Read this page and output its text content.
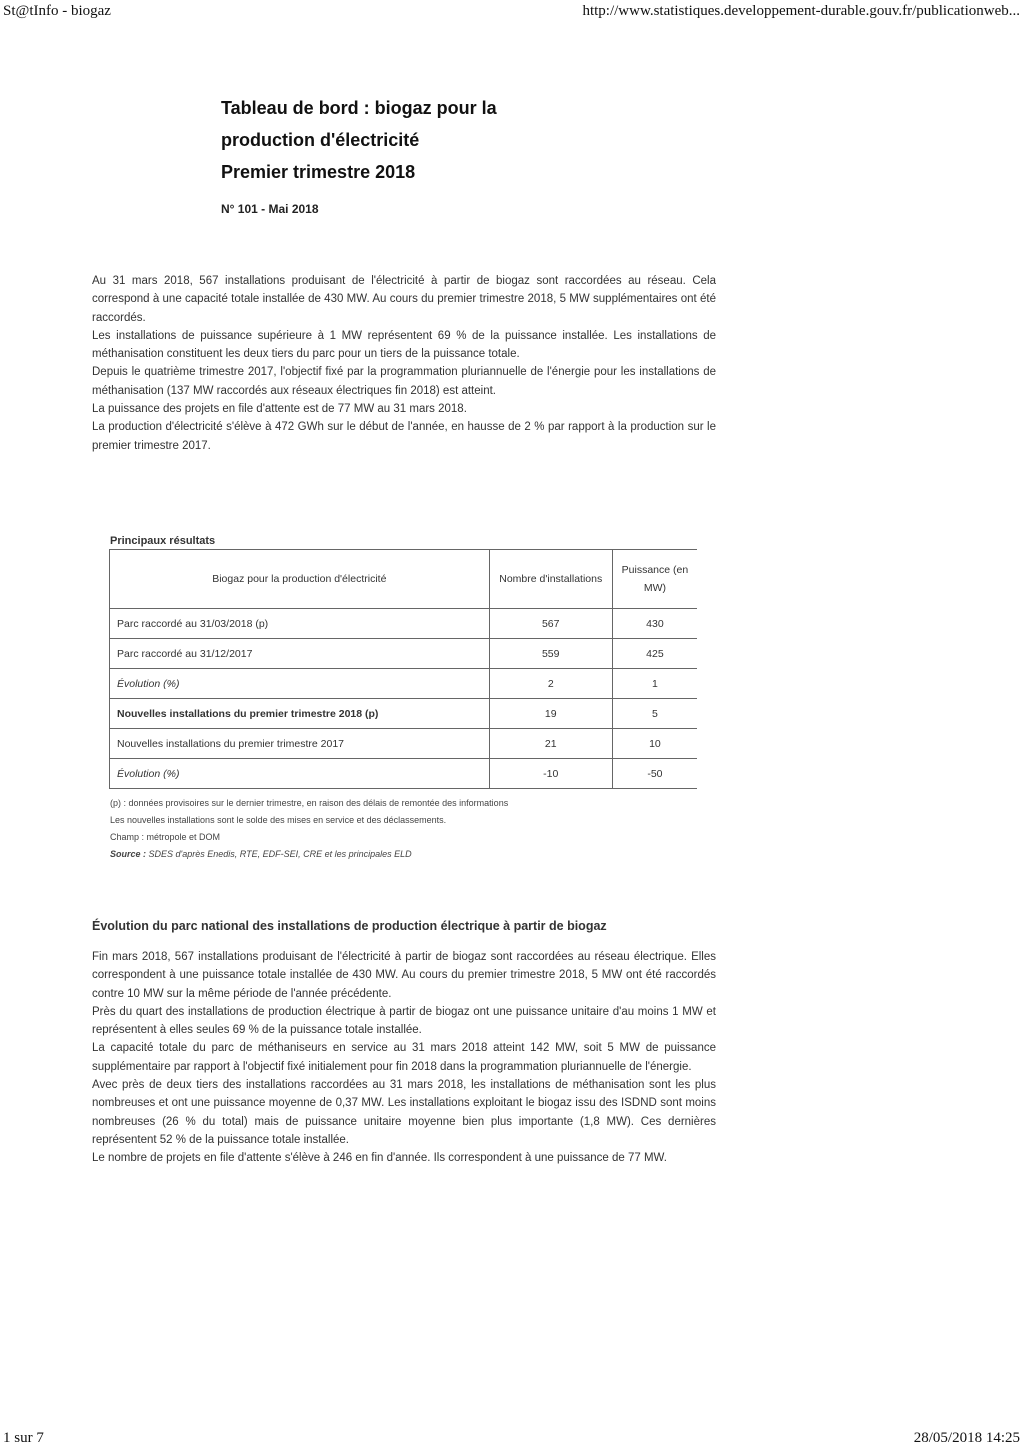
St@tInfo - biogaz	http://www.statistiques.developpement-durable.gouv.fr/publicationweb...
Tableau de bord : biogaz pour la
production d'électricité
Premier trimestre 2018
N° 101 - Mai 2018

Au 31 mars 2018, 567 installations produisant de l'électricité à partir de biogaz sont raccordées au réseau. Cela correspond à une capacité totale installée de 430 MW. Au cours du premier trimestre 2018, 5 MW supplémentaires ont été raccordés.

Les installations de puissance supérieure à 1 MW représentent 69 % de la puissance installée. Les installations de méthanisation constituent les deux tiers du parc pour un tiers de la puissance totale.

Depuis le quatrième trimestre 2017, l'objectif fixé par la programmation pluriannuelle de l'énergie pour les installations de méthanisation (137 MW raccordés aux réseaux électriques fin 2018) est atteint.

La puissance des projets en file d'attente est de 77 MW au 31 mars 2018.

La production d'électricité s'élève à 472 GWh sur le début de l'année, en hausse de 2 % par rapport à la production sur le premier trimestre 2017.

Principaux résultats
Biogaz pour la production d'électricité	Nombre d'installations	Puissance (en MW)
Parc raccordé au 31/03/2018 (p)	567	430
Parc raccordé au 31/12/2017	559	425
Évolution (%)	2	1
Nouvelles installations du premier trimestre 2018 (p)	19	5
Nouvelles installations du premier trimestre 2017	21	10
Évolution (%)	-10	-50

(p) : données provisoires sur le dernier trimestre, en raison des délais de remontée des informations

Les nouvelles installations sont le solde des mises en service et des déclassements.

Champ : métropole et DOM

Source : SDES d'après Enedis, RTE, EDF-SEI, CRE et les principales ELD

Évolution du parc national des installations de production électrique à partir de biogaz

Fin mars 2018, 567 installations produisant de l'électricité à partir de biogaz sont raccordées au réseau électrique. Elles correspondent à une puissance totale installée de 430 MW. Au cours du premier trimestre 2018, 5 MW ont été raccordés contre 10 MW sur la même période de l'année précédente.

Près du quart des installations de production électrique à partir de biogaz ont une puissance unitaire d'au moins 1 MW et représentent à elles seules 69 % de la puissance totale installée.

La capacité totale du parc de méthaniseurs en service au 31 mars 2018 atteint 142 MW, soit 5 MW de puissance supplémentaire par rapport à l'objectif fixé initialement pour fin 2018 dans la programmation pluriannuelle de l'énergie.

Avec près de deux tiers des installations raccordées au 31 mars 2018, les installations de méthanisation sont les plus nombreuses et ont une puissance moyenne de 0,37 MW. Les installations exploitant le biogaz issu des ISDND sont moins nombreuses (26 % du total) mais de puissance unitaire moyenne bien plus importante (1,8 MW). Ces dernières représentent 52 % de la puissance totale installée.

Le nombre de projets en file d'attente s'élève à 246 en fin d'année. Ils correspondent à une puissance de 77 MW.

1 sur 7	28/05/2018 14:25
